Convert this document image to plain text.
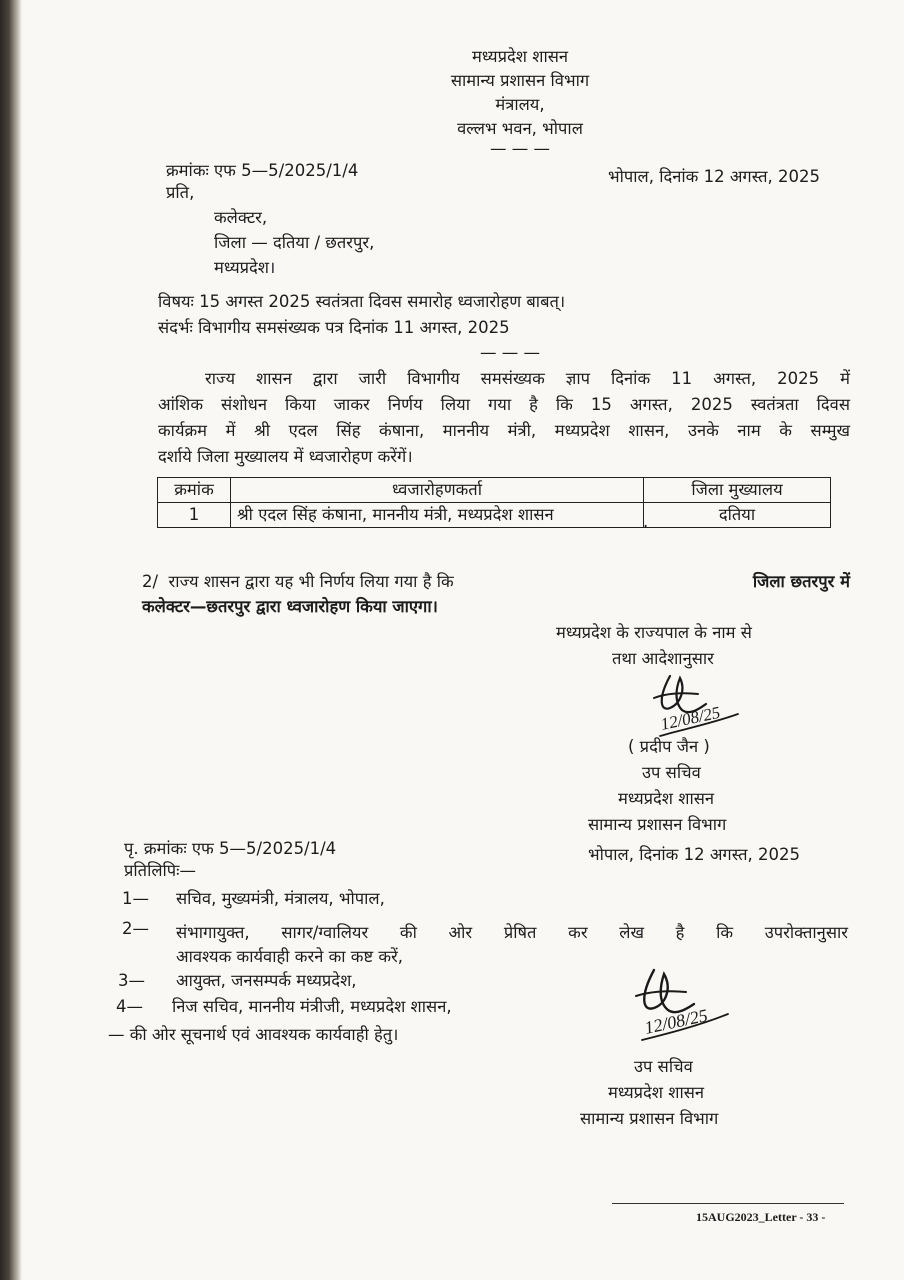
मध्यप्रदेश शासन
सामान्य प्रशासन विभाग
मंत्रालय,
वल्लभ भवन, भोपाल
— — —
क्रमांकः एफ 5—5/2025/1/4	भोपाल, दिनांक 12 अगस्त, 2025
प्रति,
कलेक्टर,
जिला — दतिया / छतरपुर,
मध्यप्रदेश।
विषयः 15 अगस्त 2025 स्वतंत्रता दिवस समारोह ध्वजारोहण बाबत्।
संदर्भः विभागीय समसंख्यक पत्र दिनांक 11 अगस्त, 2025
— — —
राज्य शासन द्वारा जारी विभागीय समसंख्यक ज्ञाप दिनांक 11 अगस्त, 2025 में
आंशिक संशोधन किया जाकर निर्णय लिया गया है कि 15 अगस्त, 2025 स्वतंत्रता दिवस
कार्यक्रम में श्री एदल सिंह कंषाना, माननीय मंत्री, मध्यप्रदेश शासन, उनके नाम के सम्मुख
दर्शाये जिला मुख्यालय में ध्वजारोहण करेंगें।
क्रमांक	ध्वजारोहणकर्ता	जिला मुख्यालय
1	श्री एदल सिंह कंषाना, माननीय मंत्री, मध्यप्रदेश शासन	. दतिया
2/  राज्य शासन द्वारा यह भी निर्णय लिया गया है कि	जिला छतरपुर में
कलेक्टर—छतरपुर द्वारा ध्वजारोहण किया जाएगा।
मध्यप्रदेश के राज्यपाल के नाम से
तथा आदेशानुसार
12/08/25
( प्रदीप जैन )
उप सचिव
मध्यप्रदेश शासन
सामान्य प्रशासन विभाग
पृ. क्रमांकः एफ 5—5/2025/1/4	भोपाल, दिनांक 12 अगस्त, 2025
प्रतिलिपिः—
1— सचिव, मुख्यमंत्री, मंत्रालय, भोपाल,
2— संभागायुक्त, सागर/ग्वालियर की ओर प्रेषित कर लेख है कि उपरोक्तानुसार
आवश्यक कार्यवाही करने का कष्ट करें,
3— आयुक्त, जनसम्पर्क मध्यप्रदेश,
4— निज सचिव, माननीय मंत्रीजी, मध्यप्रदेश शासन,
— की ओर सूचनार्थ एवं आवश्यक कार्यवाही हेतु।	12/08/25
उप सचिव
मध्यप्रदेश शासन
सामान्य प्रशासन विभाग
15AUG2023_Letter - 33 -
